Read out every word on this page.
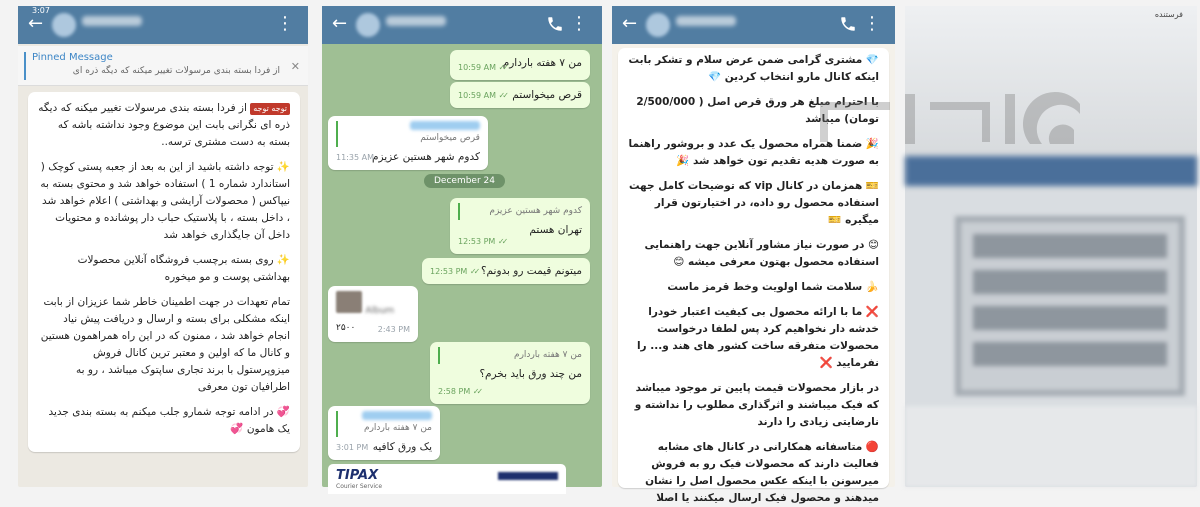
3:07
←	⋮
Pinned Message
از فردا بسته بندی مرسولات تغییر میکنه که دیگه ذره ای ✕

توجه توجه از فردا بسته بندی مرسولات تغییر میکنه که دیگه ذره ای نگرانی بابت این موضوع وجود نداشته باشه که بسته به دست مشتری ترسه..

✨ توجه داشته باشید از این به بعد از جعبه پستی کوچک ( استاندارد شماره 1 ) استفاده خواهد شد و محتوی بسته به نیپاکس ( محصولات آرایشی و بهداشتی ) اعلام خواهد شد ، داخل بسته ، با پلاستیک حباب دار پوشانده و محتویات داخل آن جایگذاری خواهد شد

✨ روی بسته برچسب فروشگاه آنلاین محصولات بهداشتی پوست و مو میخوره

تمام تعهدات در جهت اطمینان خاطر شما عزیزان از بابت اینکه مشکلی برای بسته و ارسال و دریافت پیش نیاد انجام خواهد شد ، ممنون که در این راه همراهمون هستین و کانال ما که اولین و معتبر ترین کانال فروش میزوپرستول با برند تجاری ساپتوک میباشد ، رو به اطرافیان تون معرفی

💞 در ادامه توجه شمارو جلب میکنم به بسته بندی جدید یک هامون 💞

←	⋮
من ۷ هفته باردارم
10:59 AM ✓✓
قرص میخواستم
10:59 AM ✓✓
قرص میخواستم
کدوم شهر هستین عزیزم
11:35 AM
December 24
کدوم شهر هستین عزیزم
تهران هستم
12:53 PM ✓✓
میتونم قیمت رو بدونم؟
12:53 PM ✓✓
Album
۲۵۰۰	2:43 PM
من ۷ هفته باردارم
من چند ورق باید بخرم؟
2:58 PM ✓✓
من ۷ هفته باردارم
یک ورق کافیه
3:01 PM
TIPAX
Courier Service
←	⋮

💎 مشتری گرامی ضمن عرض سلام و تشکر بابت اینکه کانال مارو انتخاب کردین 💎

با احترام مبلغ هر ورق قرص اصل ( 2/500/000 تومان) میباشد

🎉 ضمنا همراه محصول یک عدد و بروشور راهنما به صورت هدیه تقدیم تون خواهد شد 🎉

🎫 همزمان در کانال vip که توضیحات کامل جهت استفاده محصول رو داده، در اختیارتون قرار میگیره 🎫

😊 در صورت نیاز مشاور آنلاین جهت راهنمایی استفاده محصول بهتون معرفی میشه 😊

🍌 سلامت شما اولویت وخط قرمز ماست

❌ ما با ارائه محصول بی کیفیت اعتبار خودرا خدشه دار نخواهیم کرد پس لطفا درخواست محصولات متفرقه ساخت کشور های هند و... را نفرمایید ❌

در بازار محصولات قیمت پایین تر موجود میباشد که فیک میباشند و اثرگذاری مطلوب را نداشته و نارضایتی زیادی را دارند

🔴 متاسفانه همکارانی در کانال های مشابه فعالیت دارند که محصولات فیک رو به فروش میرسونن با اینکه عکس محصول اصل را نشان میدهند و محصول فیک ارسال میکنند یا اصلا

فرستنده
